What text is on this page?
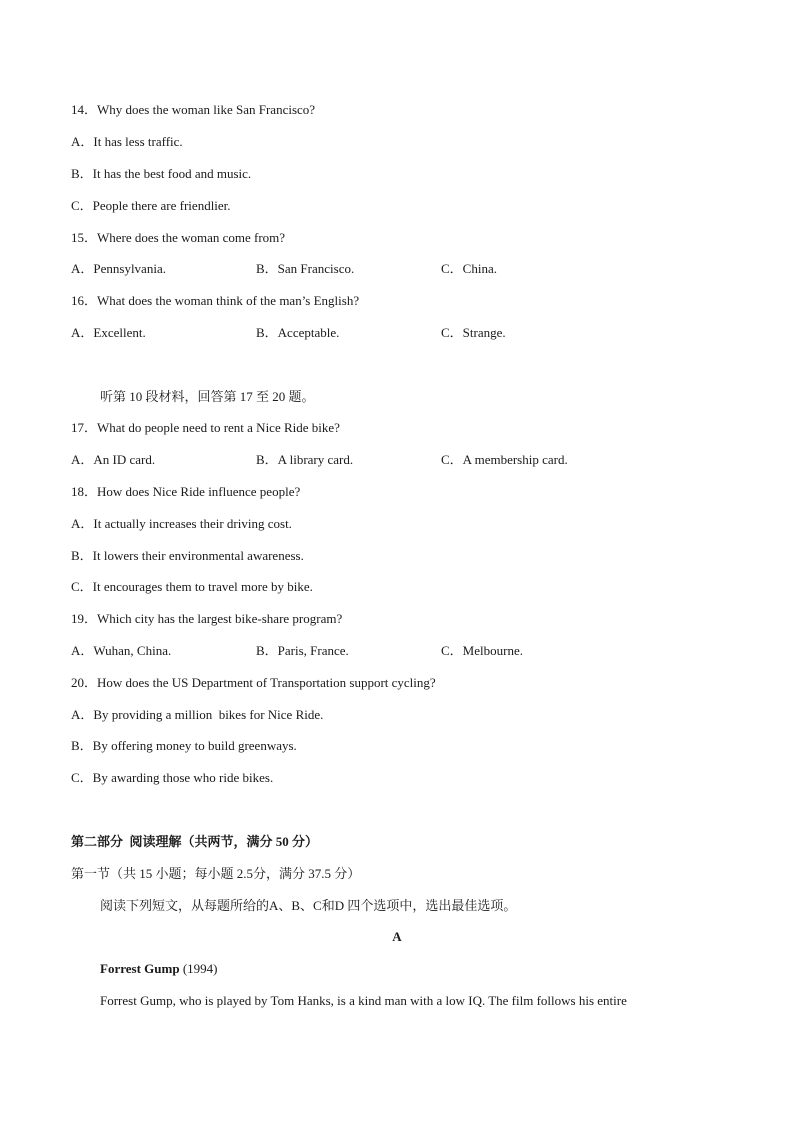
14．Why does the woman like San Francisco?
A．It has less traffic.
B．It has the best food and music.
C．People there are friendlier.
15．Where does the woman come from?
A．Pennsylvania.	B．San Francisco.	C．China.
16．What does the woman think of the man’s English?
A．Excellent.	B．Acceptable.	C．Strange.
听第 10 段材料，回答第 17 至 20 题。
17．What do people need to rent a Nice Ride bike?
A．An ID card.	B．A library card.	C．A membership card.
18．How does Nice Ride influence people?
A．It actually increases their driving cost.
B．It lowers their environmental awareness.
C．It encourages them to travel more by bike.
19．Which city has the largest bike-share program?
A．Wuhan, China.	B．Paris, France.	C．Melbourne.
20．How does the US Department of Transportation support cycling?
A．By providing a million  bikes for Nice Ride.
B．By offering money to build greenways.
C．By awarding those who ride bikes.
第二部分  阅读理解（共两节，满分 50 分）
第一节（共 15 小题；每小题 2.5分，满分 37.5 分）
阅读下列短文，从每题所给的A、B、C和D 四个选项中，选出最佳选项。
A
Forrest Gump (1994)
Forrest Gump, who is played by Tom Hanks, is a kind man with a low IQ. The film follows his entire
